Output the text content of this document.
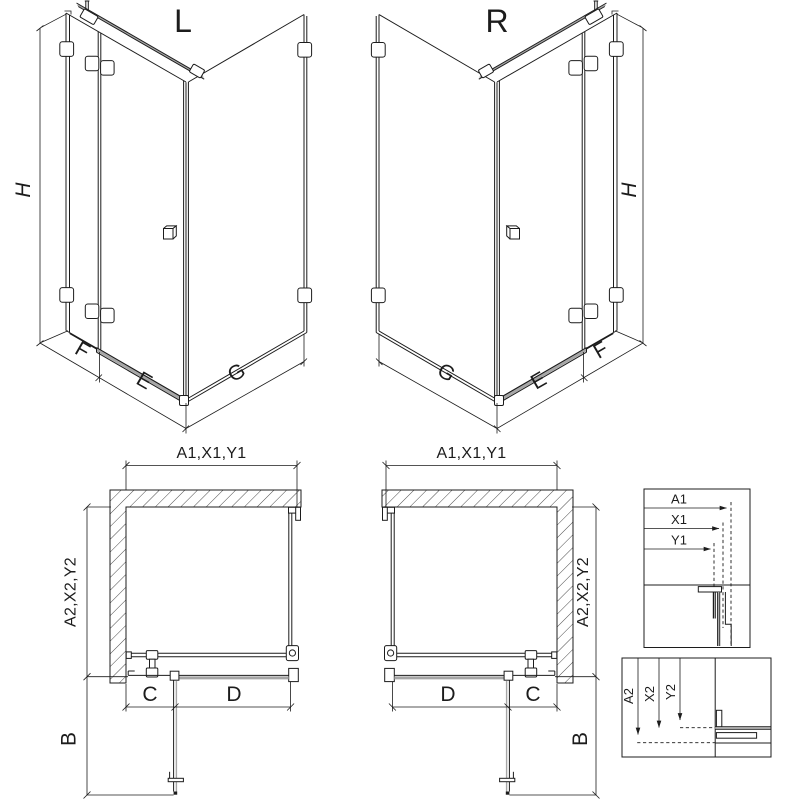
A1
X1
Y1
A2 X2 Y2
L
H
F
E	G
R
H
F
E
G
A1,X1,Y1
A2,X2,Y2
C	D
B
A1,X1,Y1
A2,X2,Y2
D	C
B
